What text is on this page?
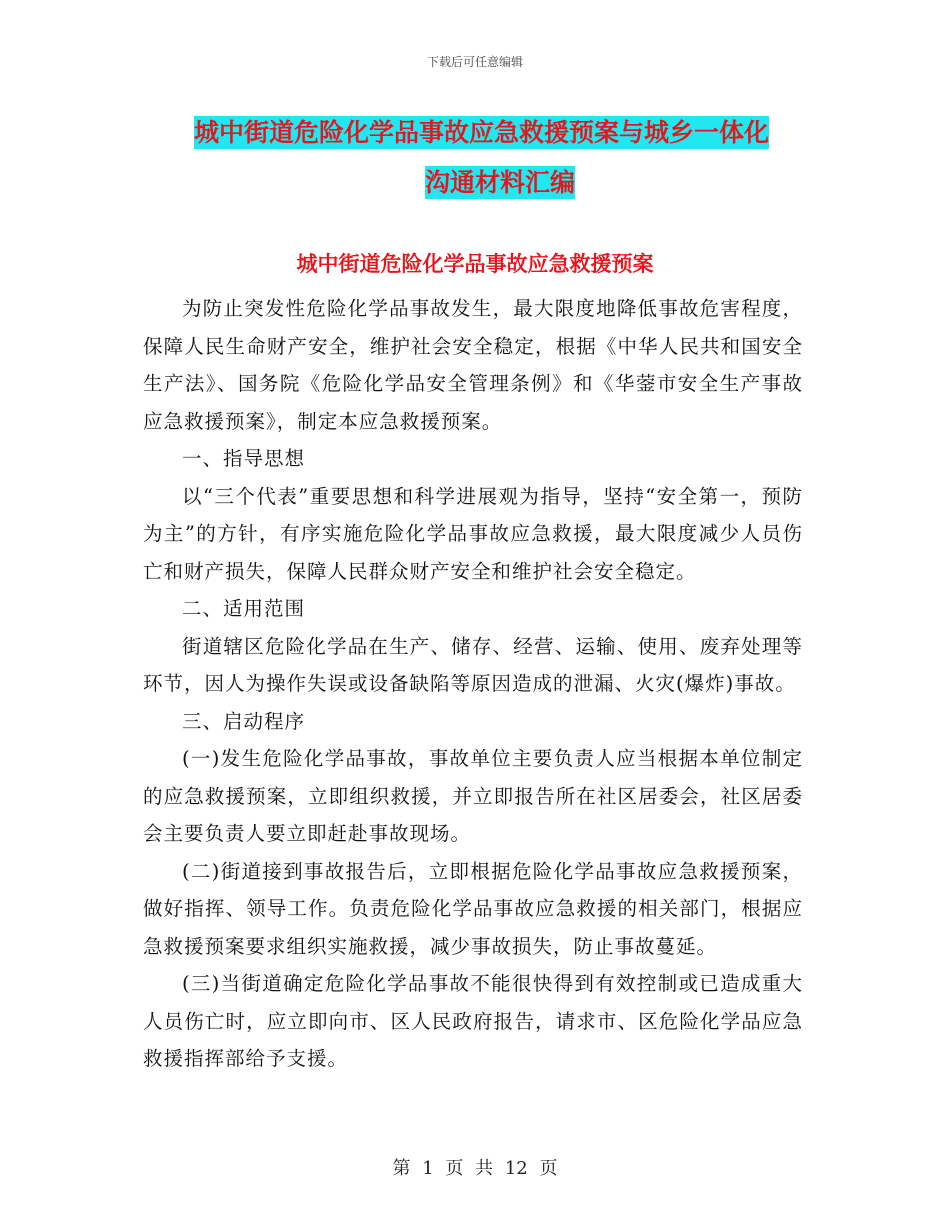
下载后可任意编辑
城中街道危险化学品事故应急救援预案与城乡一体化
沟通材料汇编
城中街道危险化学品事故应急救援预案

为防止突发性危险化学品事故发生，最大限度地降低事故危害程度，保障人民生命财产安全，维护社会安全稳定，根据《中华人民共和国安全生产法》、国务院《危险化学品安全管理条例》和《华蓥市安全生产事故应急救援预案》，制定本应急救援预案。

一、指导思想

以“三个代表”重要思想和科学进展观为指导，坚持“安全第一，预防为主”的方针，有序实施危险化学品事故应急救援，最大限度减少人员伤亡和财产损失，保障人民群众财产安全和维护社会安全稳定。

二、适用范围

街道辖区危险化学品在生产、储存、经营、运输、使用、废弃处理等环节，因人为操作失误或设备缺陷等原因造成的泄漏、火灾(爆炸)事故。

三、启动程序

(一)发生危险化学品事故，事故单位主要负责人应当根据本单位制定的应急救援预案，立即组织救援，并立即报告所在社区居委会，社区居委会主要负责人要立即赶赴事故现场。

(二)街道接到事故报告后，立即根据危险化学品事故应急救援预案，做好指挥、领导工作。负责危险化学品事故应急救援的相关部门，根据应急救援预案要求组织实施救援，减少事故损失，防止事故蔓延。

(三)当街道确定危险化学品事故不能很快得到有效控制或已造成重大人员伤亡时，应立即向市、区人民政府报告，请求市、区危险化学品应急救援指挥部给予支援。

第 1 页 共 12 页
